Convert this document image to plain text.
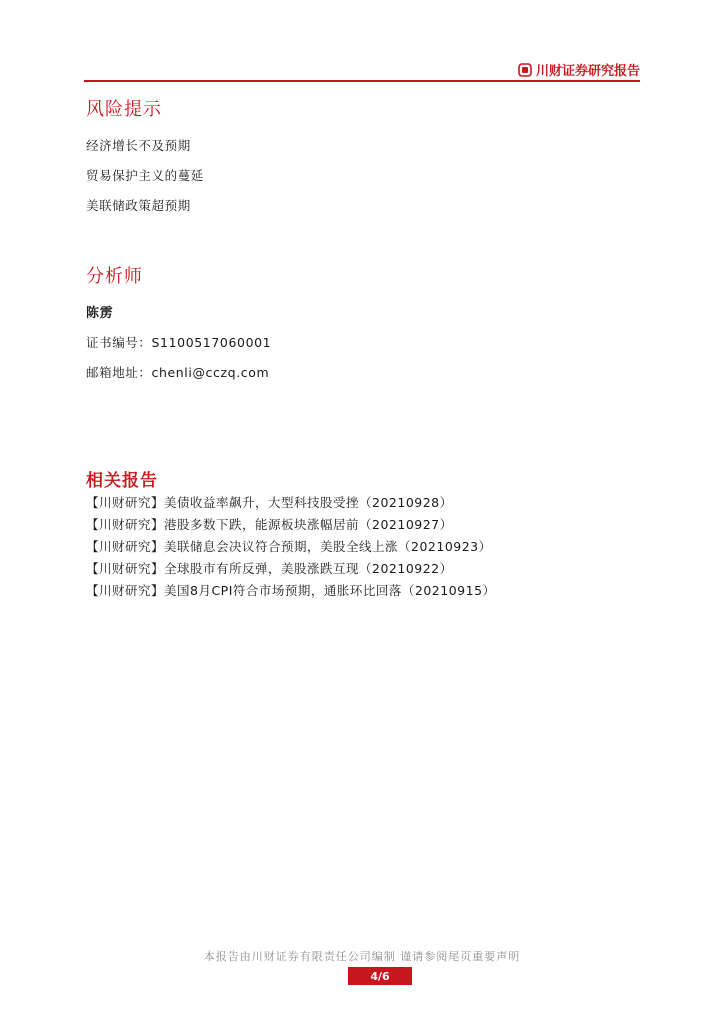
川财证券研究报告
风险提示
经济增长不及预期
贸易保护主义的蔓延
美联储政策超预期
分析师
陈雳
证书编号：S1100517060001
邮箱地址：chenli@cczq.com
相关报告
【川财研究】美债收益率飙升，大型科技股受挫（20210928）
【川财研究】港股多数下跌，能源板块涨幅居前（20210927）
【川财研究】美联储息会决议符合预期，美股全线上涨（20210923）
【川财研究】全球股市有所反弹，美股涨跌互现（20210922）
【川财研究】美国8月CPI符合市场预期，通胀环比回落（20210915）
本报告由川财证券有限责任公司编制 谨请参阅尾页重要声明
4/6
